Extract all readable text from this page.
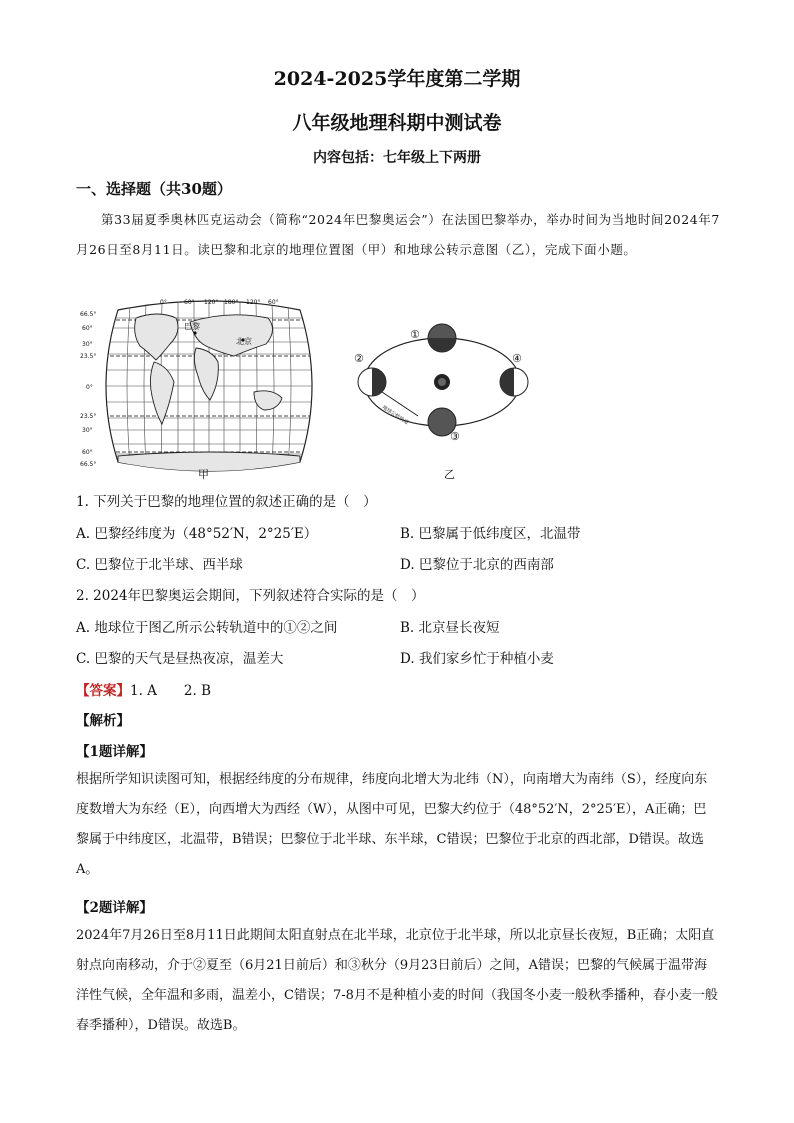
2024-2025学年度第二学期
八年级地理科期中测试卷
内容包括：七年级上下两册
一、选择题（共30题）
第33届夏季奥林匹克运动会（简称“2024年巴黎奥运会”）在法国巴黎举办，举办时间为当地时间2024年7月26日至8月11日。读巴黎和北京的地理位置图（甲）和地球公转示意图（乙），完成下面小题。
北京
巴黎
0°	60° 120° 180° 120° 60°
66.5°
60°
30°
23.5°
0°
23.5°
30°
60°
66.5°
甲
①
②
③
④
地球公转轨道
乙
1. 下列关于巴黎的地理位置的叙述正确的是（　）
A. 巴黎经纬度为（48°52′N，2°25′E）	B. 巴黎属于低纬度区，北温带
C. 巴黎位于北半球、西半球	D. 巴黎位于北京的西南部
2. 2024年巴黎奥运会期间，下列叙述符合实际的是（　）
A. 地球位于图乙所示公转轨道中的①②之间	B. 北京昼长夜短
C. 巴黎的天气是昼热夜凉，温差大	D. 我们家乡忙于种植小麦
【答案】1. A　　2. B
【解析】
【1题详解】
根据所学知识读图可知，根据经纬度的分布规律，纬度向北增大为北纬（N），向南增大为南纬（S），经度向东度数增大为东经（E），向西增大为西经（W），从图中可见，巴黎大约位于（48°52′N，2°25′E），A正确；巴黎属于中纬度区，北温带，B错误；巴黎位于北半球、东半球，C错误；巴黎位于北京的西北部，D错误。故选A。
【2题详解】
2024年7月26日至8月11日此期间太阳直射点在北半球，北京位于北半球，所以北京昼长夜短，B正确；太阳直射点向南移动，介于②夏至（6月21日前后）和③秋分（9月23日前后）之间，A错误；巴黎的气候属于温带海洋性气候，全年温和多雨，温差小，C错误；7-8月不是种植小麦的时间（我国冬小麦一般秋季播种，春小麦一般春季播种），D错误。故选B。
